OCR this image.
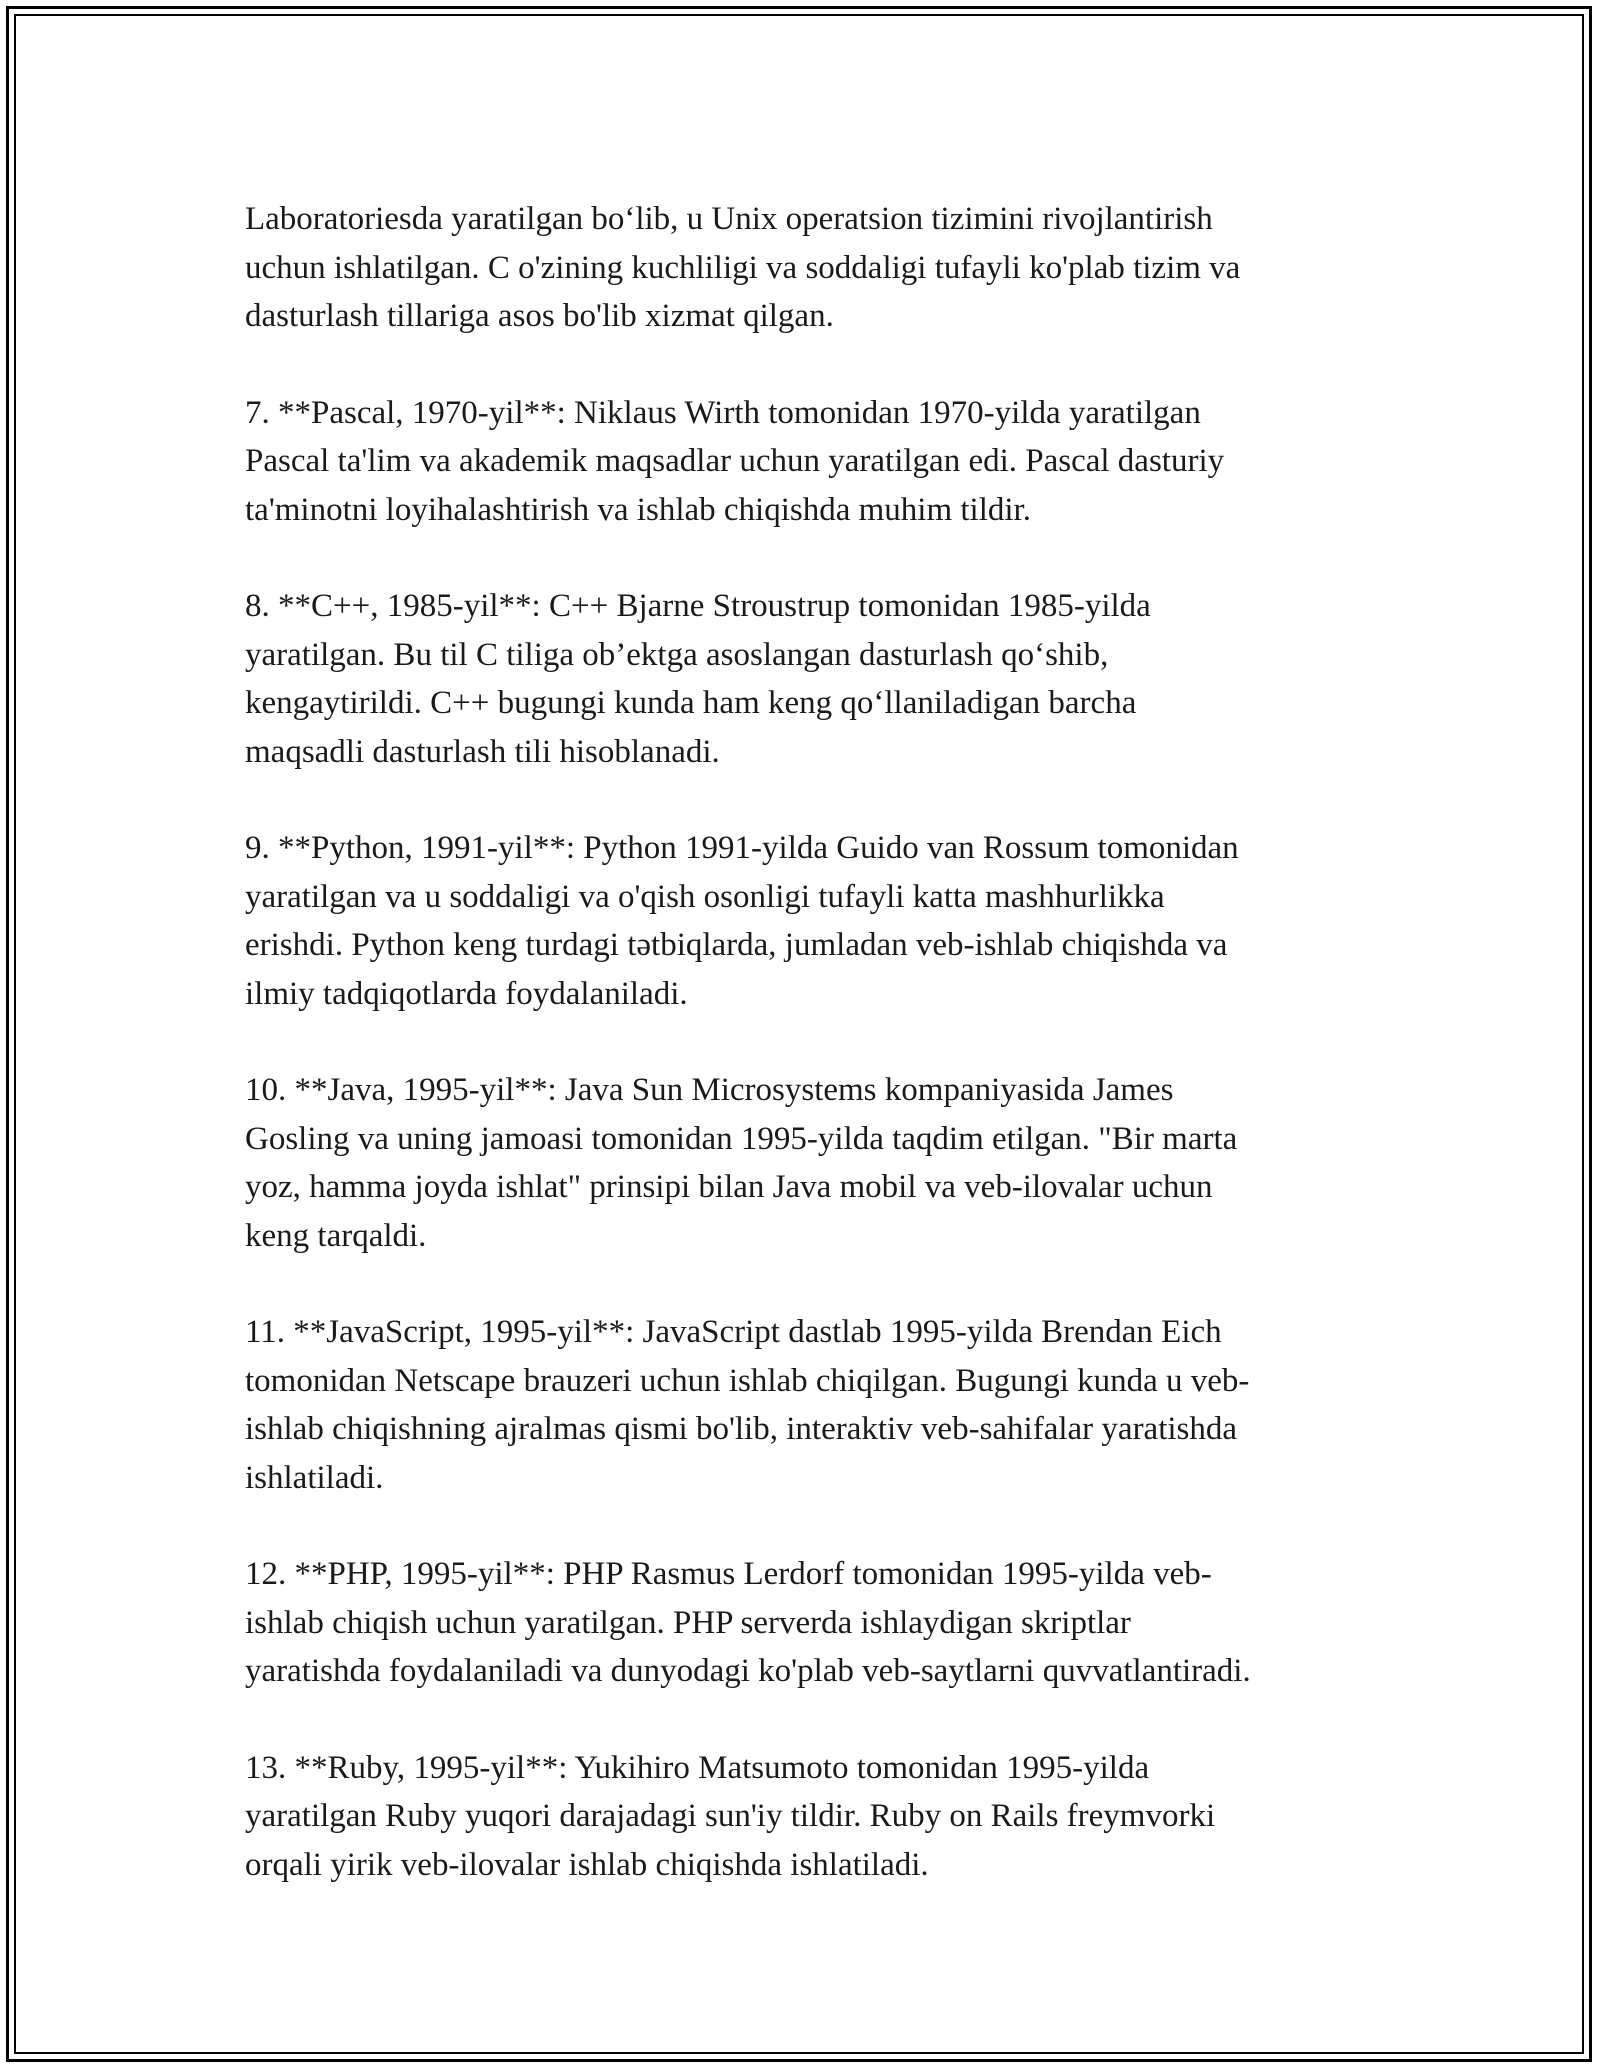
Laboratoriesda yaratilgan bo‘lib, u Unix operatsion tizimini rivojlantirish
uchun ishlatilgan. C o'zining kuchliligi va soddaligi tufayli ko'plab tizim va
dasturlash tillariga asos bo'lib xizmat qilgan.

7. **Pascal, 1970-yil**: Niklaus Wirth tomonidan 1970-yilda yaratilgan
Pascal ta'lim va akademik maqsadlar uchun yaratilgan edi. Pascal dasturiy
ta'minotni loyihalashtirish va ishlab chiqishda muhim tildir.

8. **C++, 1985-yil**: C++ Bjarne Stroustrup tomonidan 1985-yilda
yaratilgan. Bu til C tiliga ob’ektga asoslangan dasturlash qo‘shib,
kengaytirildi. C++ bugungi kunda ham keng qo‘llaniladigan barcha
maqsadli dasturlash tili hisoblanadi.

9. **Python, 1991-yil**: Python 1991-yilda Guido van Rossum tomonidan
yaratilgan va u soddaligi va o'qish osonligi tufayli katta mashhurlikka
erishdi. Python keng turdagi tətbiqlarda, jumladan veb-ishlab chiqishda va
ilmiy tadqiqotlarda foydalaniladi.

10. **Java, 1995-yil**: Java Sun Microsystems kompaniyasida James
Gosling va uning jamoasi tomonidan 1995-yilda taqdim etilgan. "Bir marta
yoz, hamma joyda ishlat" prinsipi bilan Java mobil va veb-ilovalar uchun
keng tarqaldi.

11. **JavaScript, 1995-yil**: JavaScript dastlab 1995-yilda Brendan Eich
tomonidan Netscape brauzeri uchun ishlab chiqilgan. Bugungi kunda u veb-
ishlab chiqishning ajralmas qismi bo'lib, interaktiv veb-sahifalar yaratishda
ishlatiladi.

12. **PHP, 1995-yil**: PHP Rasmus Lerdorf tomonidan 1995-yilda veb-
ishlab chiqish uchun yaratilgan. PHP serverda ishlaydigan skriptlar
yaratishda foydalaniladi va dunyodagi ko'plab veb-saytlarni quvvatlantiradi.

13. **Ruby, 1995-yil**: Yukihiro Matsumoto tomonidan 1995-yilda
yaratilgan Ruby yuqori darajadagi sun'iy tildir. Ruby on Rails freymvorki
orqali yirik veb-ilovalar ishlab chiqishda ishlatiladi.
